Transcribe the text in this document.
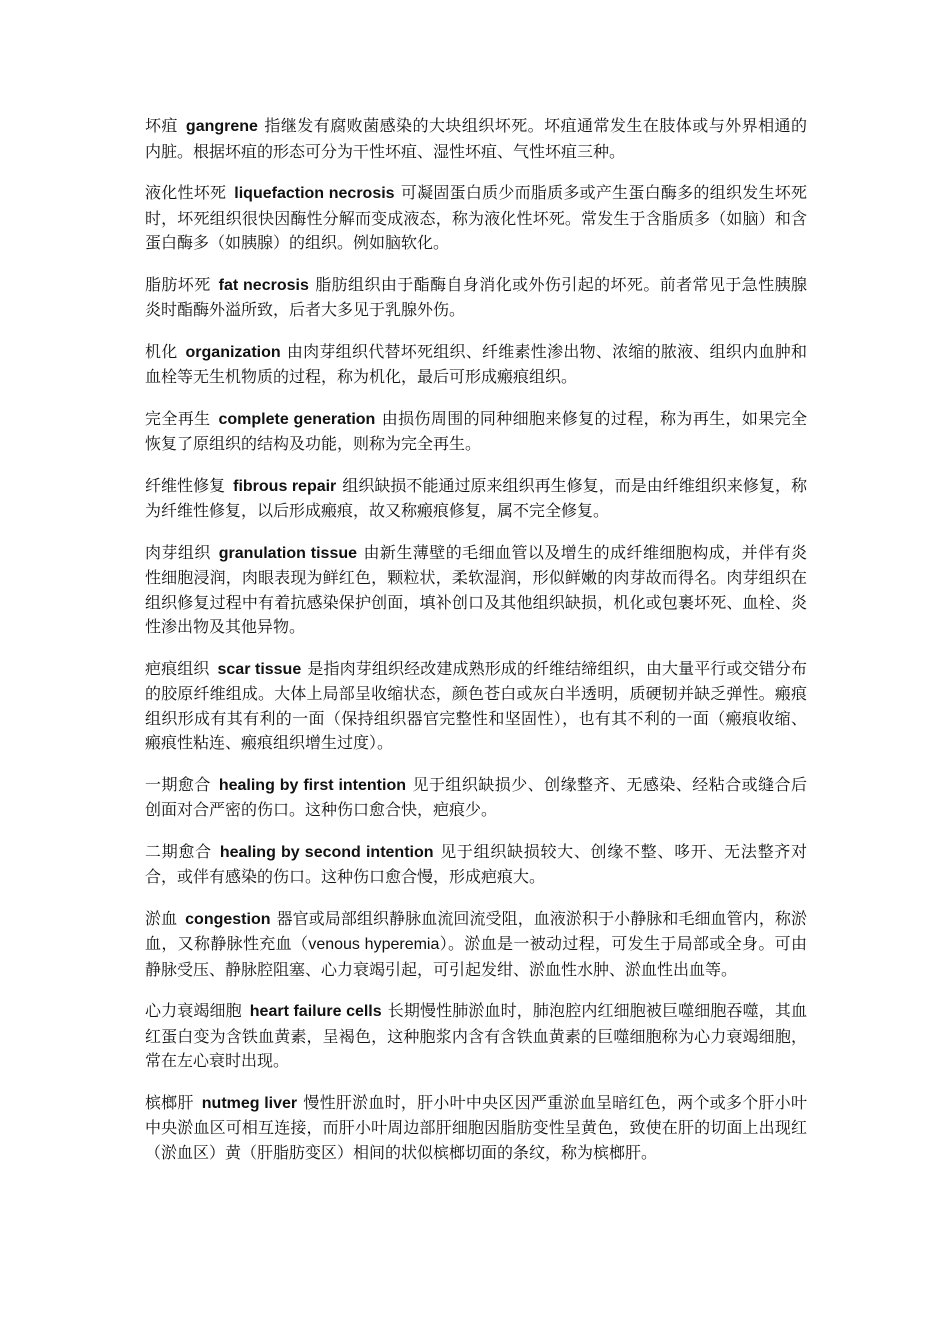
坏疽 gangrene 指继发有腐败菌感染的大块组织坏死。坏疽通常发生在肢体或与外界相通的内脏。根据坏疽的形态可分为干性坏疽、湿性坏疽、气性坏疽三种。

液化性坏死 liquefaction necrosis 可凝固蛋白质少而脂质多或产生蛋白酶多的组织发生坏死时，坏死组织很快因酶性分解而变成液态，称为液化性坏死。常发生于含脂质多（如脑）和含蛋白酶多（如胰腺）的组织。例如脑软化。

脂肪坏死 fat necrosis 脂肪组织由于酯酶自身消化或外伤引起的坏死。前者常见于急性胰腺炎时酯酶外溢所致，后者大多见于乳腺外伤。

机化 organization 由肉芽组织代替坏死组织、纤维素性渗出物、浓缩的脓液、组织内血肿和血栓等无生机物质的过程，称为机化，最后可形成瘢痕组织。

完全再生 complete generation 由损伤周围的同种细胞来修复的过程，称为再生，如果完全恢复了原组织的结构及功能，则称为完全再生。

纤维性修复 fibrous repair 组织缺损不能通过原来组织再生修复，而是由纤维组织来修复，称为纤维性修复，以后形成瘢痕，故又称瘢痕修复，属不完全修复。

肉芽组织 granulation tissue 由新生薄壁的毛细血管以及增生的成纤维细胞构成，并伴有炎性细胞浸润，肉眼表现为鲜红色，颗粒状，柔软湿润，形似鲜嫩的肉芽故而得名。肉芽组织在组织修复过程中有着抗感染保护创面，填补创口及其他组织缺损，机化或包裹坏死、血栓、炎性渗出物及其他异物。

疤痕组织 scar tissue 是指肉芽组织经改建成熟形成的纤维结缔组织，由大量平行或交错分布的胶原纤维组成。大体上局部呈收缩状态，颜色苍白或灰白半透明，质硬韧并缺乏弹性。瘢痕组织形成有其有利的一面（保持组织器官完整性和坚固性），也有其不利的一面（瘢痕收缩、瘢痕性粘连、瘢痕组织增生过度）。

一期愈合 healing by first intention 见于组织缺损少、创缘整齐、无感染、经粘合或缝合后创面对合严密的伤口。这种伤口愈合快，疤痕少。

二期愈合 healing by second intention 见于组织缺损较大、创缘不整、哆开、无法整齐对合，或伴有感染的伤口。这种伤口愈合慢，形成疤痕大。

淤血 congestion 器官或局部组织静脉血流回流受阻，血液淤积于小静脉和毛细血管内，称淤血，又称静脉性充血（venous hyperemia）。淤血是一被动过程，可发生于局部或全身。可由静脉受压、静脉腔阻塞、心力衰竭引起，可引起发绀、淤血性水肿、淤血性出血等。

心力衰竭细胞 heart failure cells 长期慢性肺淤血时，肺泡腔内红细胞被巨噬细胞吞噬，其血红蛋白变为含铁血黄素，呈褐色，这种胞浆内含有含铁血黄素的巨噬细胞称为心力衰竭细胞，常在左心衰时出现。

槟榔肝 nutmeg liver 慢性肝淤血时，肝小叶中央区因严重淤血呈暗红色，两个或多个肝小叶中央淤血区可相互连接，而肝小叶周边部肝细胞因脂肪变性呈黄色，致使在肝的切面上出现红（淤血区）黄（肝脂肪变区）相间的状似槟榔切面的条纹，称为槟榔肝。
